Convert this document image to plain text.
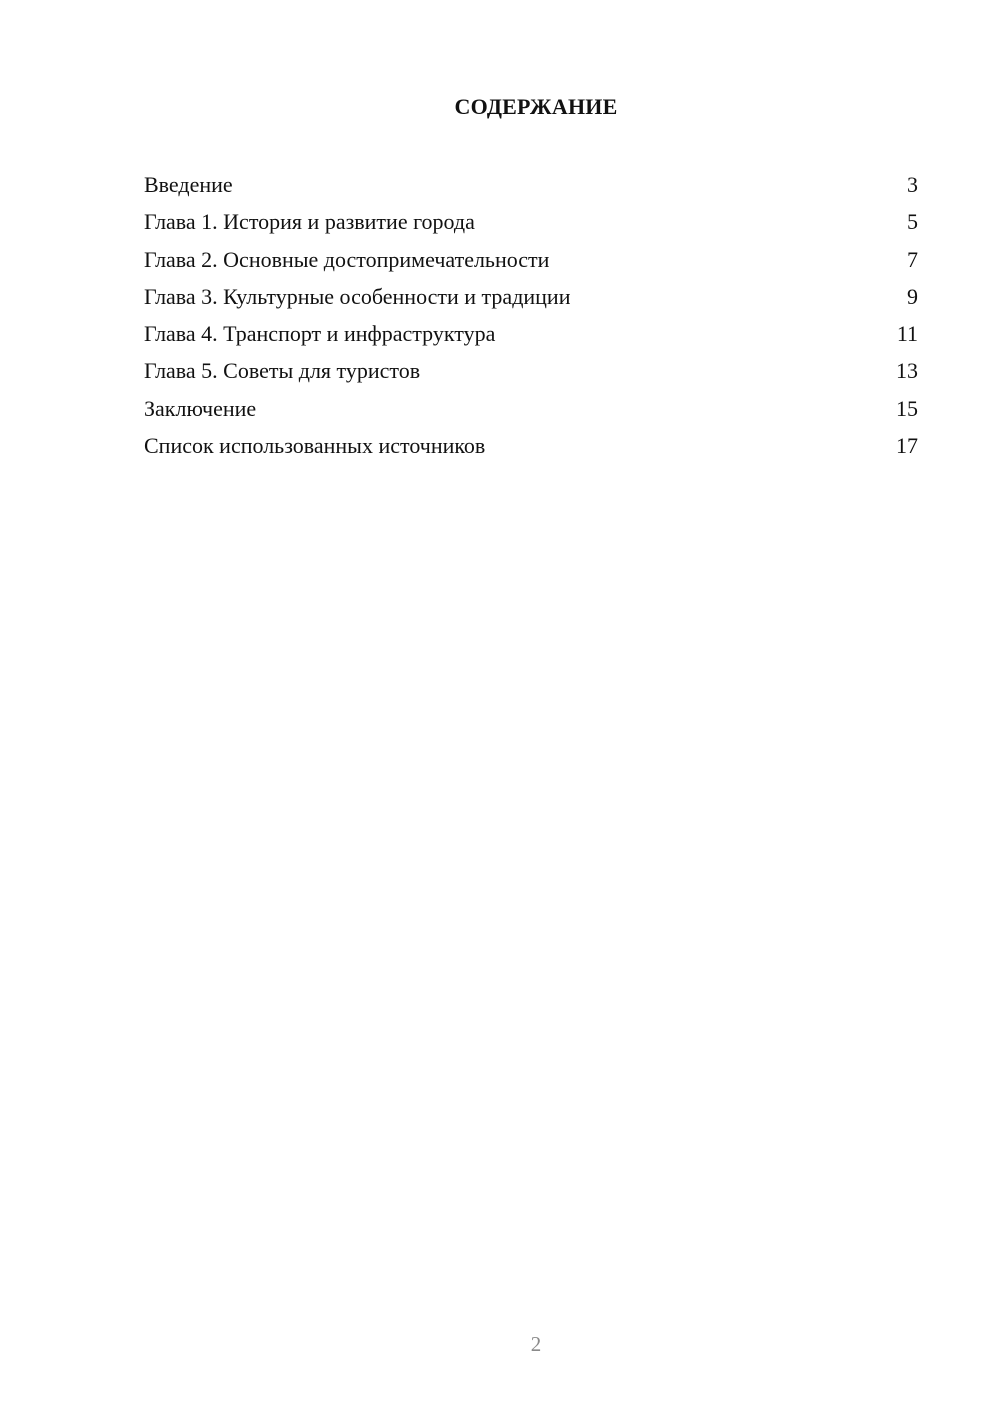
СОДЕРЖАНИЕ
Введение	3
Глава 1. История и развитие города	5
Глава 2. Основные достопримечательности	7
Глава 3. Культурные особенности и традиции	9
Глава 4. Транспорт и инфраструктура	11
Глава 5. Советы для туристов	13
Заключение	15
Список использованных источников	17
2
